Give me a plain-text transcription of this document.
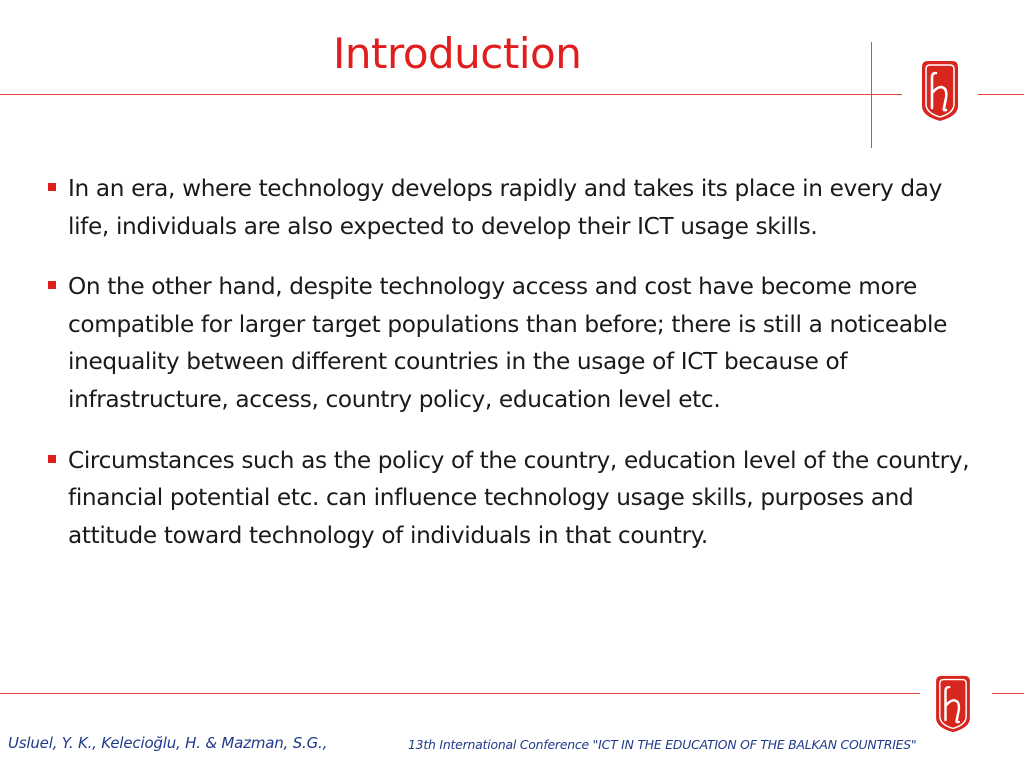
Introduction
In an era, where technology develops rapidly and takes its place in every day life, individuals are also expected to develop their ICT usage skills.
On the other hand, despite technology access and cost have become more compatible for larger target populations than before; there is still a noticeable inequality between different countries in the usage of ICT because of infrastructure, access, country policy, education level etc.
Circumstances such as the policy of the country, education level of the country, financial potential etc. can influence technology usage skills, purposes and attitude toward technology of individuals in that country.
Usluel, Y. K., Kelecioğlu, H. & Mazman, S.G.,	13th International Conference "ICT IN THE EDUCATION OF THE BALKAN COUNTRIES"
